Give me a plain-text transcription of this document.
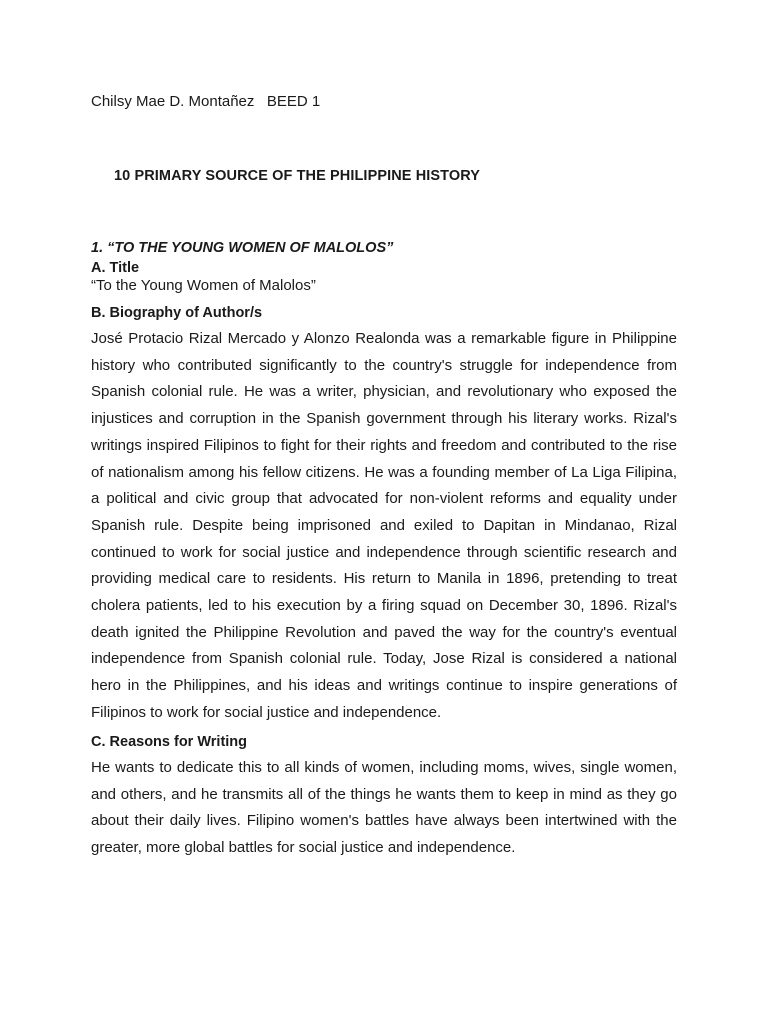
Chilsy Mae D. Montañez BEED 1
10 PRIMARY SOURCE OF THE PHILIPPINE HISTORY
1. “TO THE YOUNG WOMEN OF MALOLOS”
A. Title
“To the Young Women of Malolos”
B. Biography of Author/s
José Protacio Rizal Mercado y Alonzo Realonda was a remarkable figure in Philippine history who contributed significantly to the country's struggle for independence from Spanish colonial rule. He was a writer, physician, and revolutionary who exposed the injustices and corruption in the Spanish government through his literary works. Rizal's writings inspired Filipinos to fight for their rights and freedom and contributed to the rise of nationalism among his fellow citizens. He was a founding member of La Liga Filipina, a political and civic group that advocated for non-violent reforms and equality under Spanish rule. Despite being imprisoned and exiled to Dapitan in Mindanao, Rizal continued to work for social justice and independence through scientific research and providing medical care to residents. His return to Manila in 1896, pretending to treat cholera patients, led to his execution by a firing squad on December 30, 1896. Rizal's death ignited the Philippine Revolution and paved the way for the country's eventual independence from Spanish colonial rule. Today, Jose Rizal is considered a national hero in the Philippines, and his ideas and writings continue to inspire generations of Filipinos to work for social justice and independence.
C. Reasons for Writing
He wants to dedicate this to all kinds of women, including moms, wives, single women, and others, and he transmits all of the things he wants them to keep in mind as they go about their daily lives. Filipino women's battles have always been intertwined with the greater, more global battles for social justice and independence.
